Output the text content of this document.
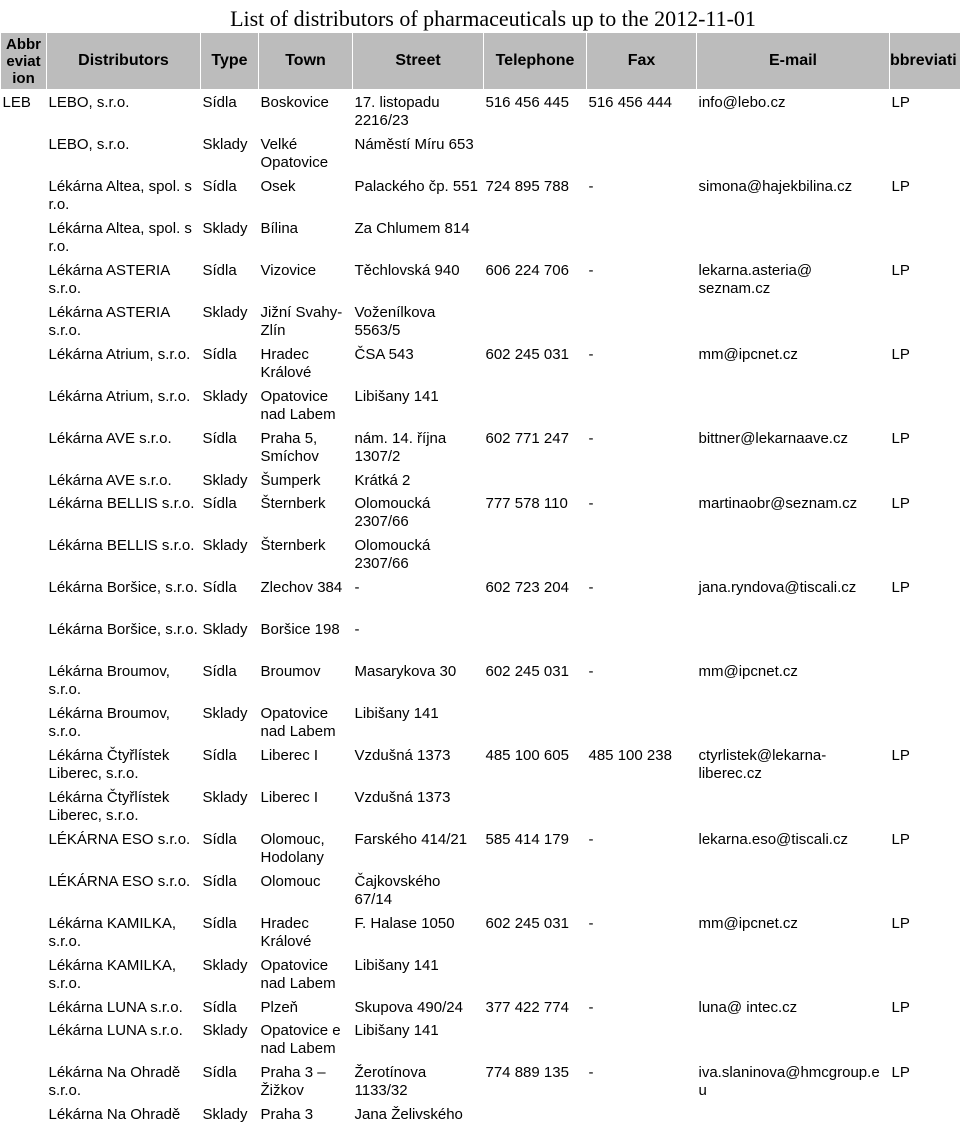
List of distributors of pharmaceuticals up to the 2012-11-01
Abbr eviat ion	Distributors	Type	Town	Street	Telephone	Fax	E-mail	bbreviati
LEB	LEBO, s.r.o.	Sídla	Boskovice	17. listopadu 2216/23	516 456 445	516 456 444	info@lebo.cz	LP
	LEBO, s.r.o.	Sklady	Velké Opatovice	Náměstí Míru 653				
	Lékárna Altea, spol. s r.o.	Sídla	Osek	Palackého čp. 551	724 895 788	-	simona@hajekbilina.cz	LP
	Lékárna Altea, spol. s r.o.	Sklady	Bílina	Za Chlumem 814				
	Lékárna ASTERIA s.r.o.	Sídla	Vizovice	Těchlovská 940	606 224 706	-	lekarna.asteria@ seznam.cz	LP
	Lékárna ASTERIA s.r.o.	Sklady	Jižní Svahy-Zlín	Voženílkova 5563/5				
	Lékárna Atrium, s.r.o.	Sídla	Hradec Králové	ČSA 543	602 245 031	-	mm@ipcnet.cz	LP
	Lékárna Atrium, s.r.o.	Sklady	Opatovice nad Labem	Libišany 141				
	Lékárna AVE s.r.o.	Sídla	Praha 5, Smíchov	nám. 14. října 1307/2	602 771 247	-	bittner@lekarnaave.cz	LP
	Lékárna AVE s.r.o.	Sklady	Šumperk	Krátká 2				
	Lékárna BELLIS s.r.o.	Sídla	Šternberk	Olomoucká 2307/66	777 578 110	-	martinaobr@seznam.cz	LP
	Lékárna BELLIS s.r.o.	Sklady	Šternberk	Olomoucká 2307/66				
	Lékárna Boršice, s.r.o.	Sídla	Zlechov 384	-	602 723 204	-	jana.ryndova@tiscali.cz	LP
	Lékárna Boršice, s.r.o.	Sklady	Boršice 198	-				
	Lékárna Broumov, s.r.o.	Sídla	Broumov	Masarykova 30	602 245 031	-	mm@ipcnet.cz	
	Lékárna Broumov, s.r.o.	Sklady	Opatovice nad Labem	Libišany 141				
	Lékárna Čtyřlístek Liberec, s.r.o.	Sídla	Liberec I	Vzdušná 1373	485 100 605	485 100 238	ctyrlistek@lekarna-liberec.cz	LP
	Lékárna Čtyřlístek Liberec, s.r.o.	Sklady	Liberec I	Vzdušná 1373				
	LÉKÁRNA ESO s.r.o.	Sídla	Olomouc, Hodolany	Farského 414/21	585 414 179	-	lekarna.eso@tiscali.cz	LP
	LÉKÁRNA ESO s.r.o.	Sídla	Olomouc	Čajkovského 67/14				
	Lékárna KAMILKA, s.r.o.	Sídla	Hradec Králové	F. Halase 1050	602 245 031	-	mm@ipcnet.cz	LP
	Lékárna KAMILKA, s.r.o.	Sklady	Opatovice nad Labem	Libišany 141				
	Lékárna LUNA s.r.o.	Sídla	Plzeň	Skupova 490/24	377 422 774	-	luna@ intec.cz	LP
	Lékárna LUNA s.r.o.	Sklady	Opatovice e nad Labem	Libišany 141				
	Lékárna Na Ohradě s.r.o.	Sídla	Praha 3 – Žižkov	Žerotínova 1133/32	774 889 135	-	iva.slaninova@hmcgroup.eu	LP
	Lékárna Na Ohradě	Sklady	Praha 3	Jana Želivského				
